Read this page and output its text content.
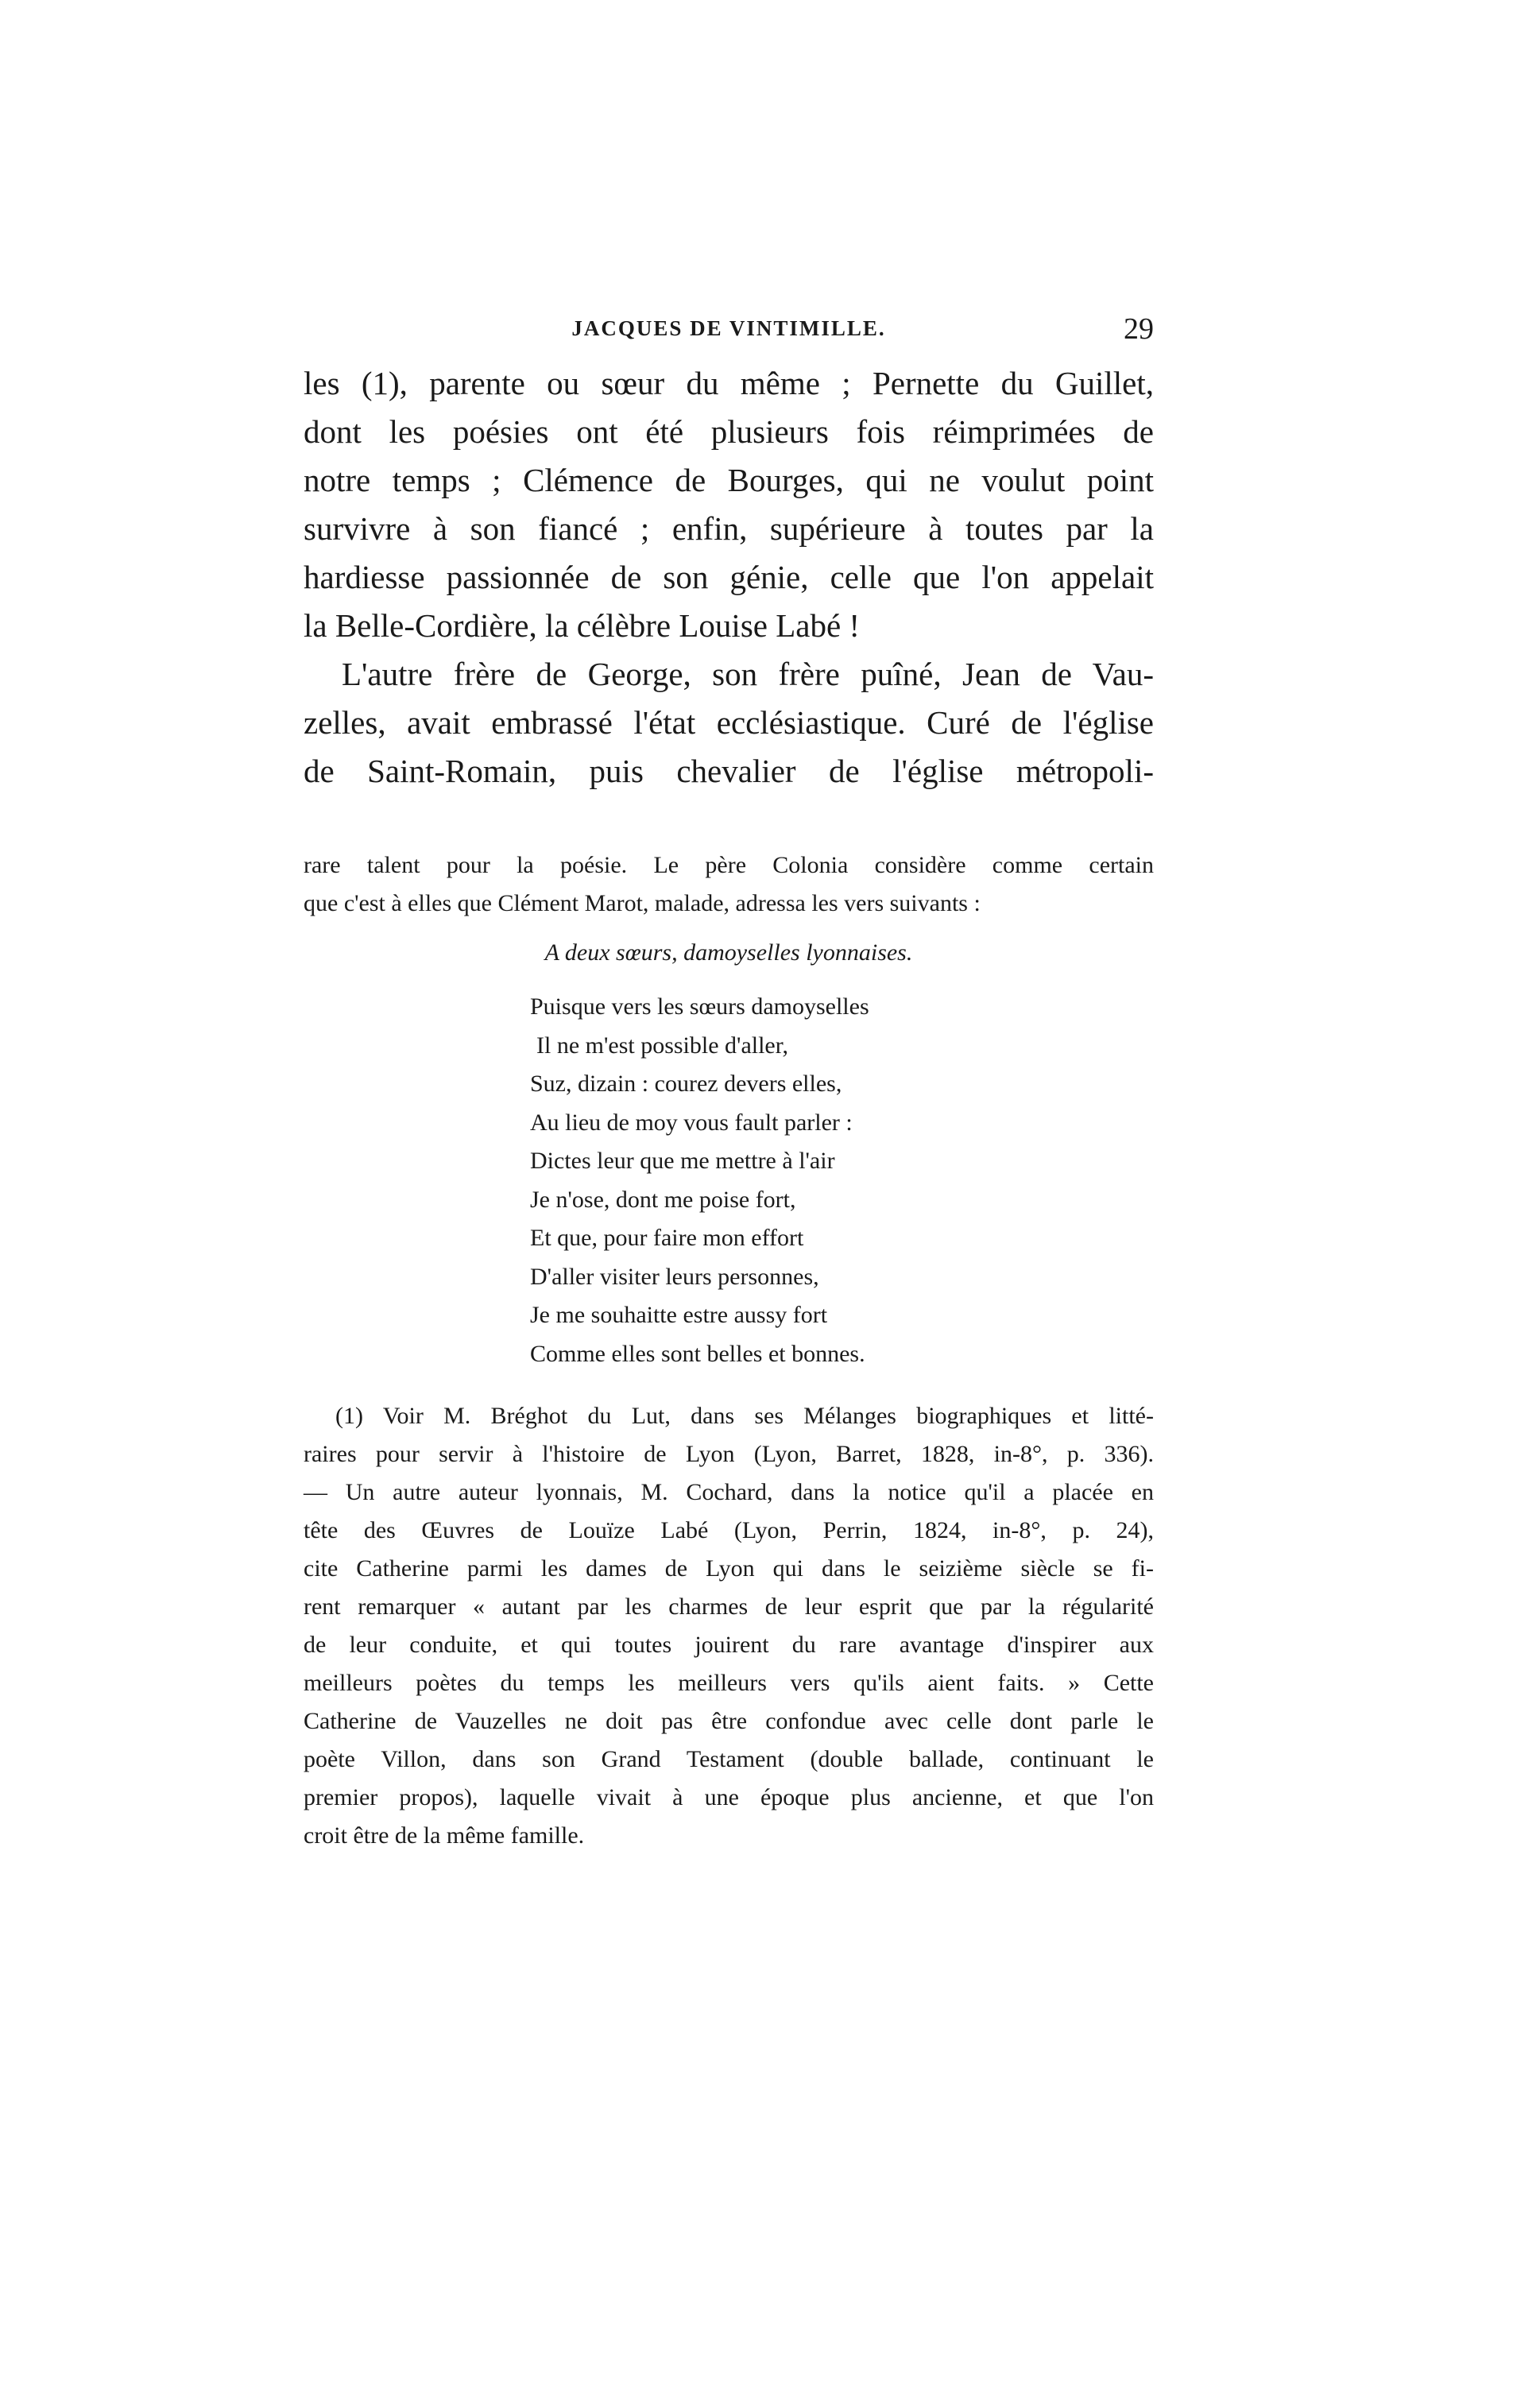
JACQUES DE VINTIMILLE.	29

les (1), parente ou sœur du même ; Pernette du Guillet,
dont les poésies ont été plusieurs fois réimprimées de
notre temps ; Clémence de Bourges, qui ne voulut point
survivre à son fiancé ; enfin, supérieure à toutes par la
hardiesse passionnée de son génie, celle que l'on appelait
la Belle-Cordière, la célèbre Louise Labé !

L'autre frère de George, son frère puîné, Jean de Vau-
zelles, avait embrassé l'état ecclésiastique. Curé de l'église
de Saint-Romain, puis chevalier de l'église métropoli-

rare talent pour la poésie. Le père Colonia considère comme certain
que c'est à elles que Clément Marot, malade, adressa les vers suivants :
A deux sœurs, damoyselles lyonnaises.
Puisque vers les sœurs damoyselles
Il ne m'est possible d'aller,
Suz, dizain : courez devers elles,
Au lieu de moy vous fault parler :
Dictes leur que me mettre à l'air
Je n'ose, dont me poise fort,
Et que, pour faire mon effort
D'aller visiter leurs personnes,
Je me souhaitte estre aussy fort
Comme elles sont belles et bonnes.
(1) Voir M. Bréghot du Lut, dans ses Mélanges biographiques et litté-
raires pour servir à l'histoire de Lyon (Lyon, Barret, 1828, in-8°, p. 336).
— Un autre auteur lyonnais, M. Cochard, dans la notice qu'il a placée en
tête des Œuvres de Louïze Labé (Lyon, Perrin, 1824, in-8°, p. 24),
cite Catherine parmi les dames de Lyon qui dans le seizième siècle se fi-
rent remarquer « autant par les charmes de leur esprit que par la régularité
de leur conduite, et qui toutes jouirent du rare avantage d'inspirer aux
meilleurs poètes du temps les meilleurs vers qu'ils aient faits. » Cette
Catherine de Vauzelles ne doit pas être confondue avec celle dont parle le
poète Villon, dans son Grand Testament (double ballade, continuant le
premier propos), laquelle vivait à une époque plus ancienne, et que l'on
croit être de la même famille.
